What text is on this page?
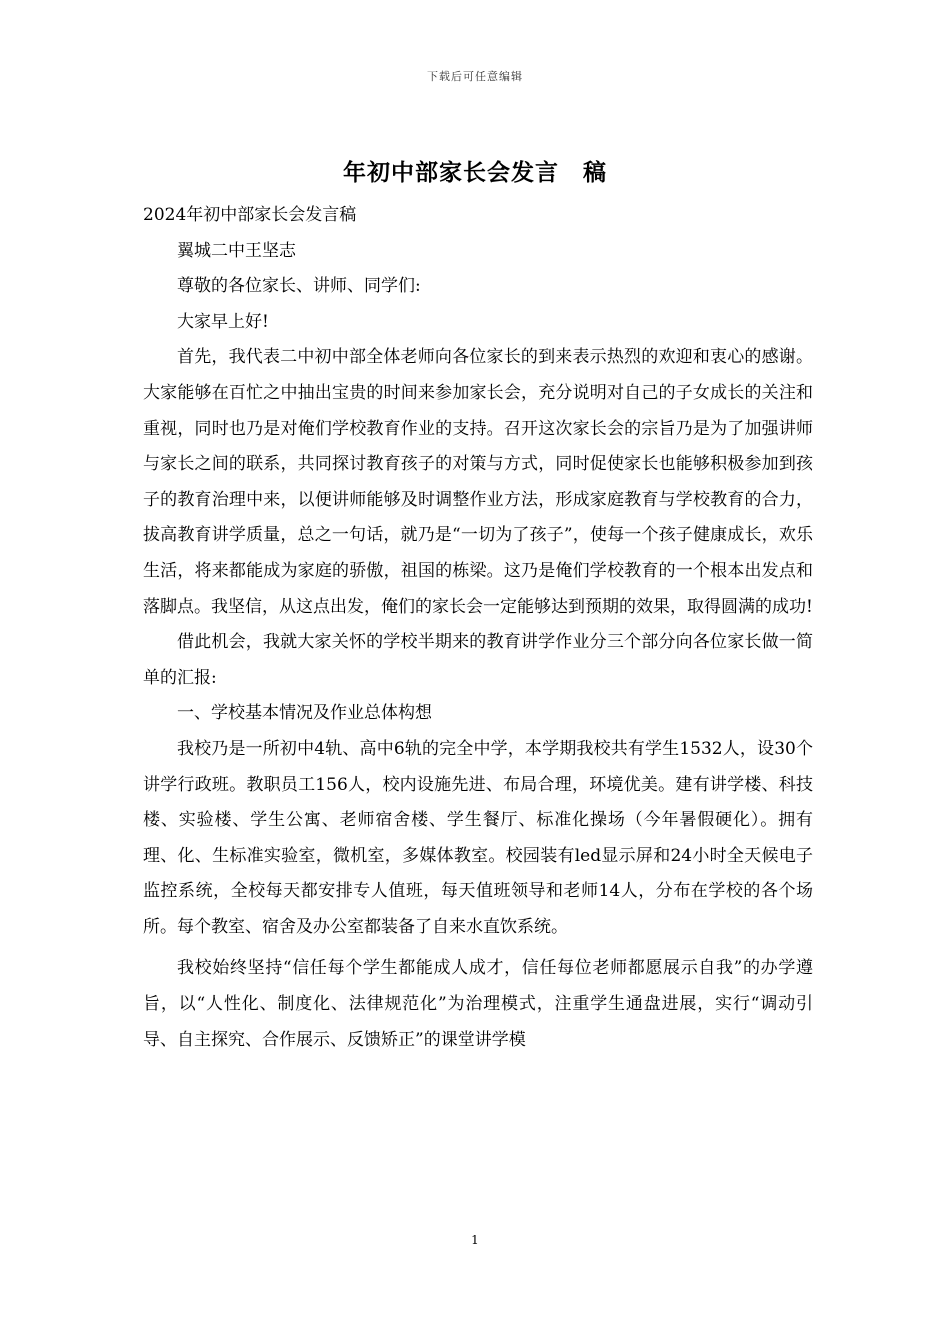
下载后可任意编辑
年初中部家长会发言　稿

2024年初中部家长会发言稿

翼城二中王坚志

尊敬的各位家长、讲师、同学们:

大家早上好!

首先，我代表二中初中部全体老师向各位家长的到来表示热烈的欢迎和衷心的感谢。大家能够在百忙之中抽出宝贵的时间来参加家长会，充分说明对自己的子女成长的关注和重视，同时也乃是对俺们学校教育作业的支持。召开这次家长会的宗旨乃是为了加强讲师与家长之间的联系，共同探讨教育孩子的对策与方式，同时促使家长也能够积极参加到孩子的教育治理中来，以便讲师能够及时调整作业方法，形成家庭教育与学校教育的合力，拔高教育讲学质量，总之一句话，就乃是“一切为了孩子”，使每一个孩子健康成长，欢乐生活，将来都能成为家庭的骄傲，祖国的栋梁。这乃是俺们学校教育的一个根本出发点和落脚点。我坚信，从这点出发，俺们的家长会一定能够达到预期的效果，取得圆满的成功!

借此机会，我就大家关怀的学校半期来的教育讲学作业分三个部分向各位家长做一简单的汇报:

一、学校基本情况及作业总体构想

我校乃是一所初中4轨、高中6轨的完全中学，本学期我校共有学生1532人，设30个讲学行政班。教职员工156人，校内设施先进、布局合理，环境优美。建有讲学楼、科技楼、实验楼、学生公寓、老师宿舍楼、学生餐厅、标准化操场（今年暑假硬化）。拥有理、化、生标准实验室，微机室，多媒体教室。校园装有led显示屏和24小时全天候电子监控系统，全校每天都安排专人值班，每天值班领导和老师14人，分布在学校的各个场所。每个教室、宿舍及办公室都装备了自来水直饮系统。

我校始终坚持“信任每个学生都能成人成才，信任每位老师都愿展示自我”的办学遵旨，以“人性化、制度化、法律规范化”为治理模式，注重学生通盘进展，实行“调动引导、自主探究、合作展示、反馈矫正”的课堂讲学模

1
